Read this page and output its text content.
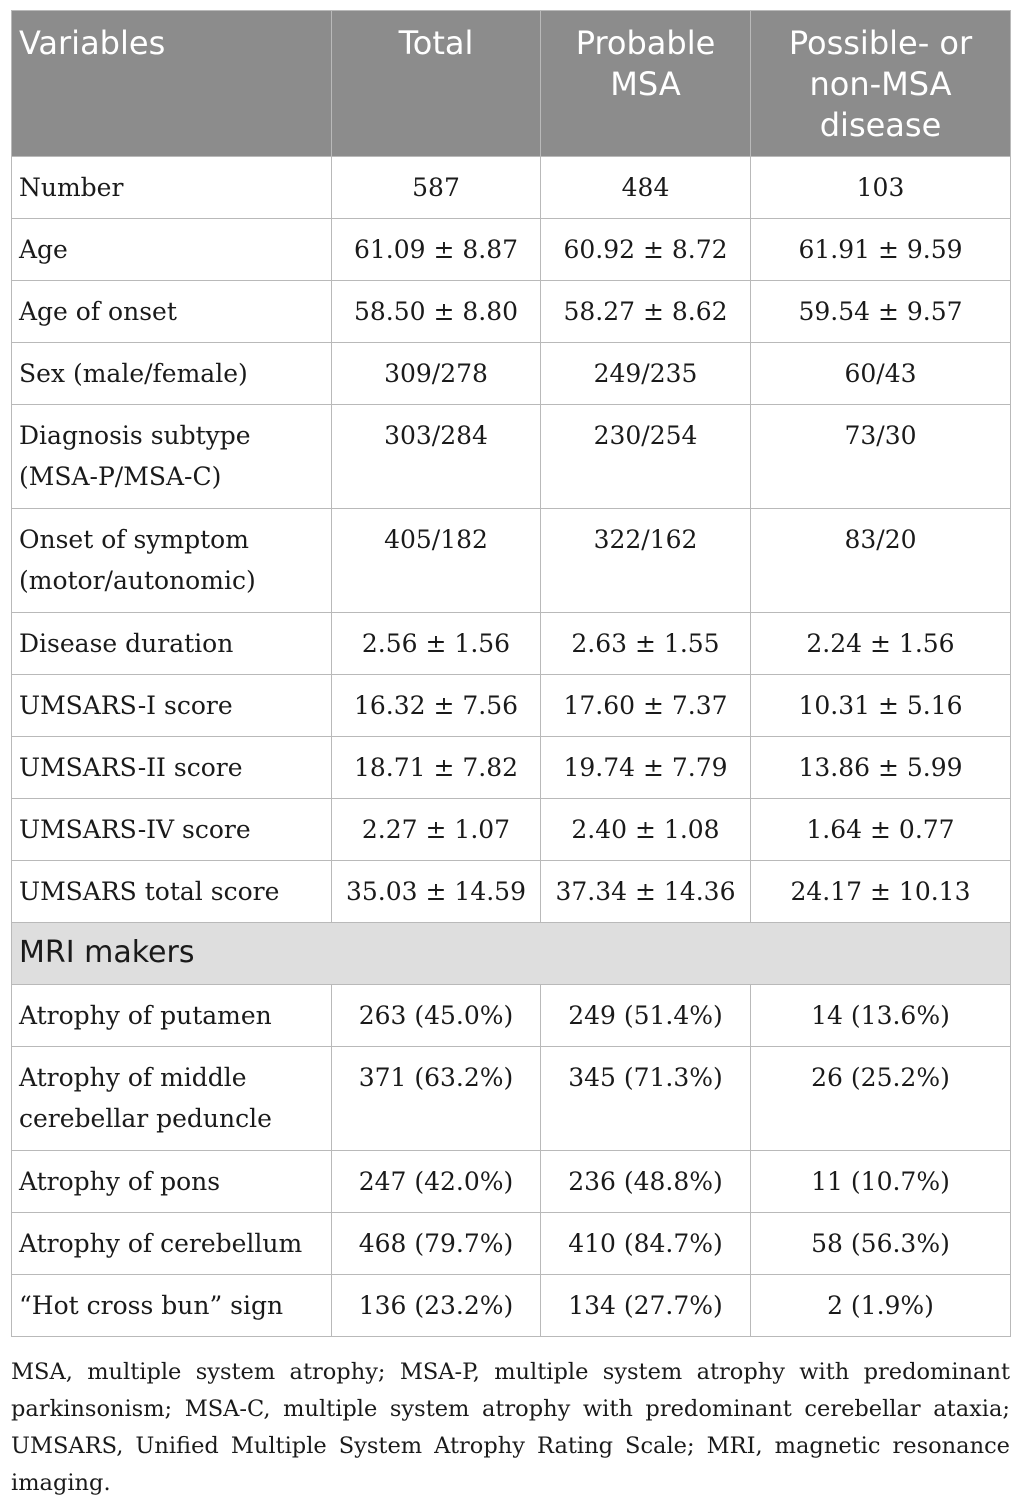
Variables	Total	Probable MSA	Possible- or non-MSA disease
Number	587	484	103
Age	61.09 ± 8.87	60.92 ± 8.72	61.91 ± 9.59
Age of onset	58.50 ± 8.80	58.27 ± 8.62	59.54 ± 9.57
Sex (male/female)	309/278	249/235	60/43
Diagnosis subtype (MSA-P/MSA-C)	303/284	230/254	73/30
Onset of symptom (motor/autonomic)	405/182	322/162	83/20
Disease duration	2.56 ± 1.56	2.63 ± 1.55	2.24 ± 1.56
UMSARS-I score	16.32 ± 7.56	17.60 ± 7.37	10.31 ± 5.16
UMSARS-II score	18.71 ± 7.82	19.74 ± 7.79	13.86 ± 5.99
UMSARS-IV score	2.27 ± 1.07	2.40 ± 1.08	1.64 ± 0.77
UMSARS total score	35.03 ± 14.59	37.34 ± 14.36	24.17 ± 10.13
MRI makers			
Atrophy of putamen	263 (45.0%)	249 (51.4%)	14 (13.6%)
Atrophy of middle cerebellar peduncle	371 (63.2%)	345 (71.3%)	26 (25.2%)
Atrophy of pons	247 (42.0%)	236 (48.8%)	11 (10.7%)
Atrophy of cerebellum	468 (79.7%)	410 (84.7%)	58 (56.3%)
“Hot cross bun” sign	136 (23.2%)	134 (27.7%)	2 (1.9%)
MSA, multiple system atrophy; MSA-P, multiple system atrophy with predominant parkinsonism; MSA-C, multiple system atrophy with predominant cerebellar ataxia; UMSARS, Unified Multiple System Atrophy Rating Scale; MRI, magnetic resonance imaging.
